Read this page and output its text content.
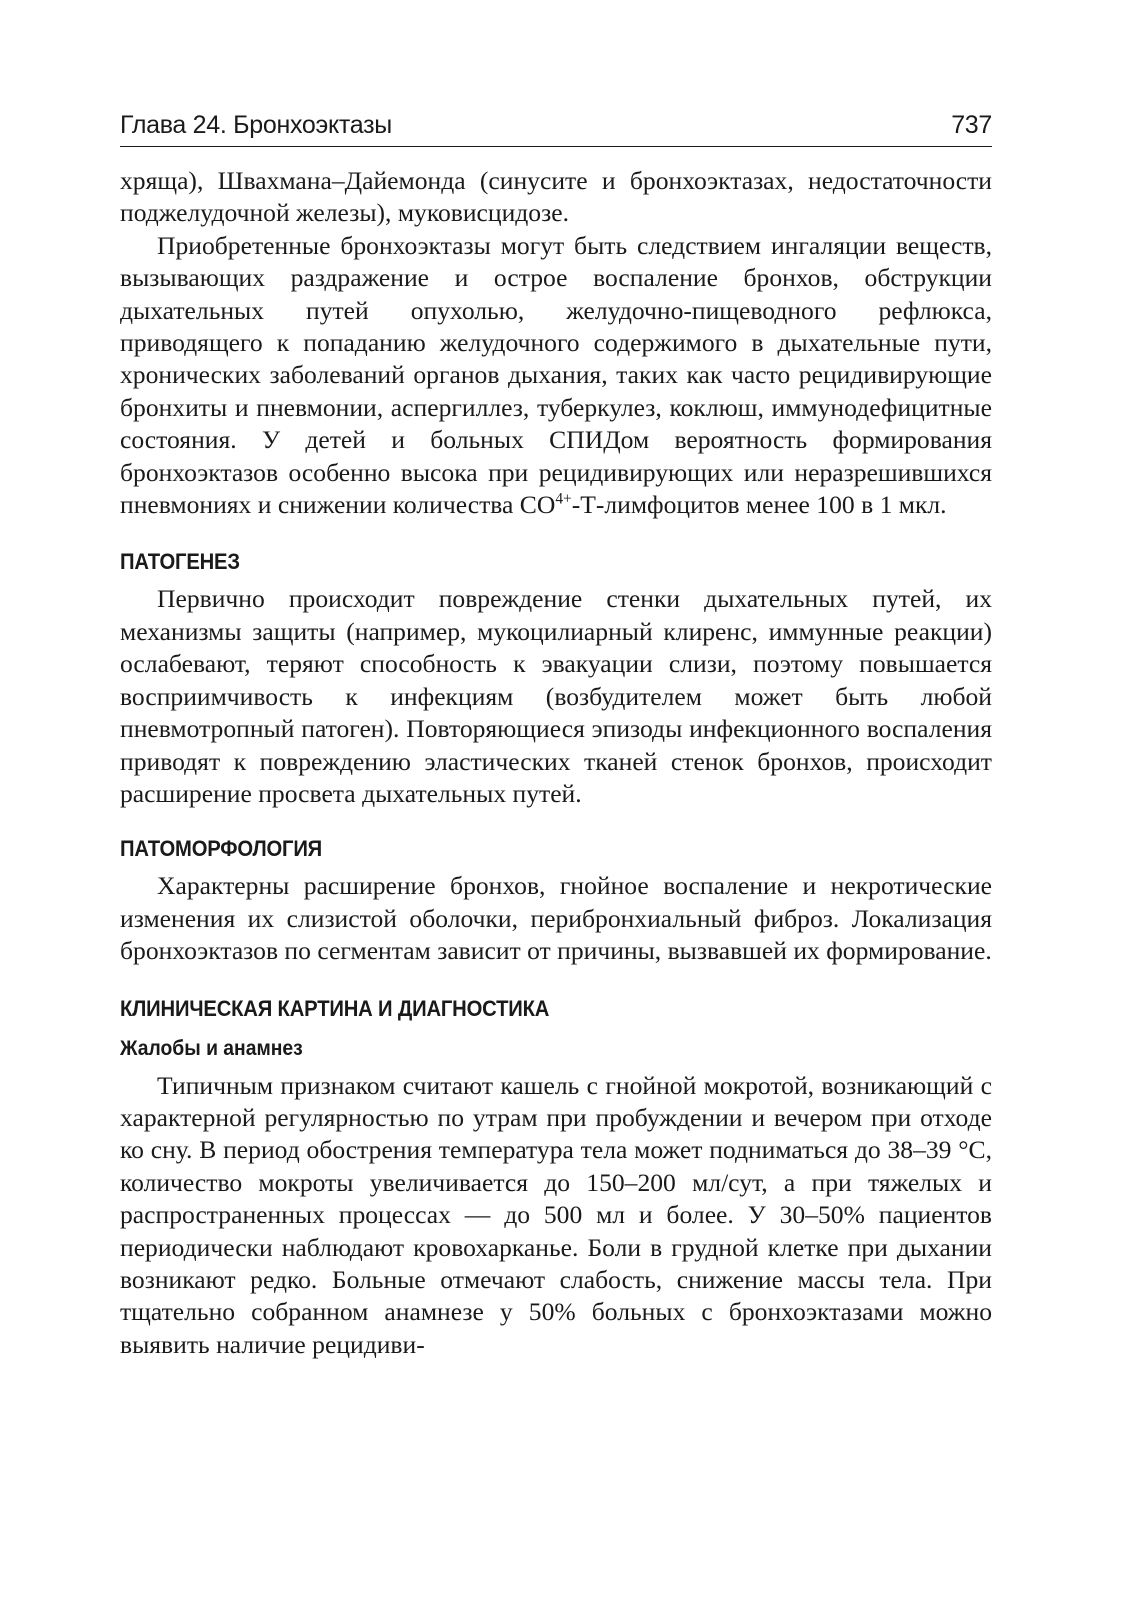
Глава 24. Бронхоэктазы	737

хряща), Швахмана–Дайемонда (синусите и бронхоэктазах, недостаточности поджелудочной железы), муковисцидозе.

Приобретенные бронхоэктазы могут быть следствием ингаляции веществ, вызывающих раздражение и острое воспаление бронхов, обструкции дыхательных путей опухолью, желудочно-пищеводного рефлюкса, приводящего к попаданию желудочного содержимого в дыхательные пути, хронических заболеваний органов дыхания, таких как часто рецидивирующие бронхиты и пневмонии, аспергиллез, туберкулез, коклюш, иммунодефицитные состояния. У детей и больных СПИДом вероятность формирования бронхоэктазов особенно высока при рецидивирующих или неразрешившихся пневмониях и снижении количества $CO^{4+}-Т$-лимфоцитов менее 100 в 1 мкл.

ПАТОГЕНЕЗ

Первично происходит повреждение стенки дыхательных путей, их механизмы защиты (например, мукоцилиарный клиренс, иммунные реакции) ослабевают, теряют способность к эвакуации слизи, поэтому повышается восприимчивость к инфекциям (возбудителем может быть любой пневмотропный патоген). Повторяющиеся эпизоды инфекционного воспаления приводят к повреждению эластических тканей стенок бронхов, происходит расширение просвета дыхательных путей.

ПАТОМОРФОЛОГИЯ

Характерны расширение бронхов, гнойное воспаление и некротические изменения их слизистой оболочки, перибронхиальный фиброз. Локализация бронхоэктазов по сегментам зависит от причины, вызвавшей их формирование.

КЛИНИЧЕСКАЯ КАРТИНА И ДИАГНОСТИКА
Жалобы и анамнез

Типичным признаком считают кашель с гнойной мокротой, возникающий с характерной регулярностью по утрам при пробуждении и вечером при отходе ко сну. В период обострения температура тела может подниматься до 38–39 °С, количество мокроты увеличивается до 150–200 мл/сут, а при тяжелых и распространенных процессах — до 500 мл и более. У 30–50% пациентов периодически наблюдают кровохарканье. Боли в грудной клетке при дыхании возникают редко. Больные отмечают слабость, снижение массы тела. При тщательно собранном анамнезе у 50% больных с бронхоэктазами можно выявить наличие рецидиви-
